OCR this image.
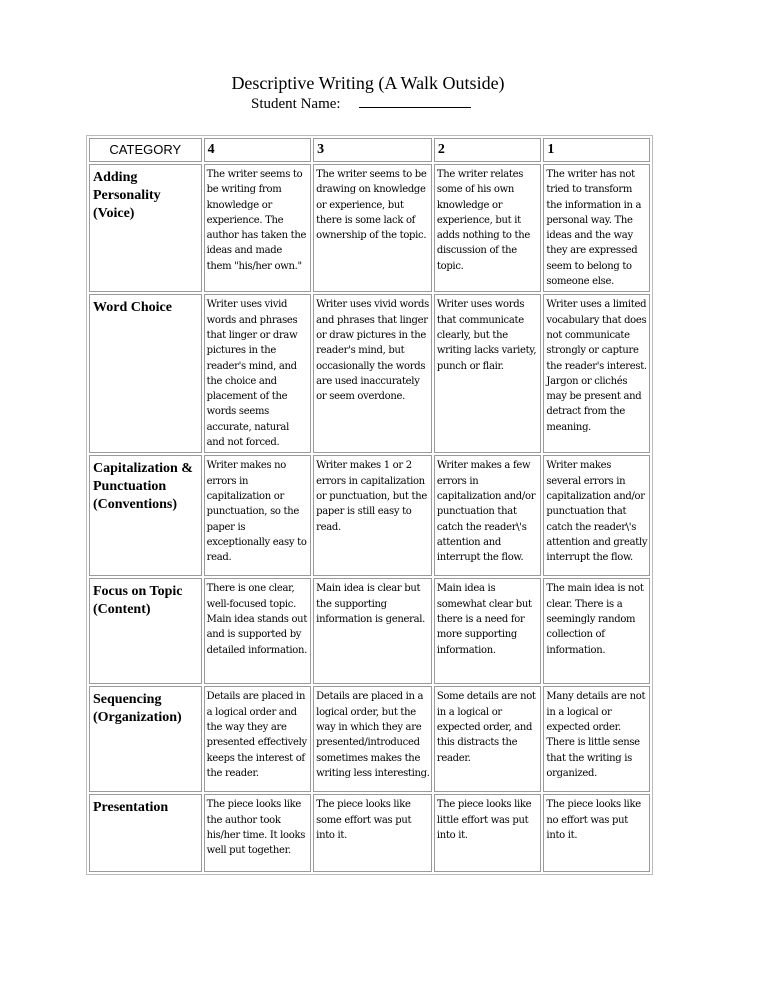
Descriptive Writing (A Walk Outside)
Student Name:
CATEGORY	4	3	2	1
Adding Personality (Voice)	The writer seems to be writing from knowledge or experience. The author has taken the ideas and made them "his/her own."	The writer seems to be drawing on knowledge or experience, but there is some lack of ownership of the topic.	The writer relates some of his own knowledge or experience, but it adds nothing to the discussion of the topic.	The writer has not tried to transform the information in a personal way. The ideas and the way they are expressed seem to belong to someone else.
Word Choice	Writer uses vivid words and phrases that linger or draw pictures in the reader's mind, and the choice and placement of the words seems accurate, natural and not forced.	Writer uses vivid words and phrases that linger or draw pictures in the reader's mind, but occasionally the words are used inaccurately or seem overdone.	Writer uses words that communicate clearly, but the writing lacks variety, punch or flair.	Writer uses a limited vocabulary that does not communicate strongly or capture the reader's interest. Jargon or clichés may be present and detract from the meaning.
Capitalization & Punctuation (Conventions)	Writer makes no errors in capitalization or punctuation, so the paper is exceptionally easy to read.	Writer makes 1 or 2 errors in capitalization or punctuation, but the paper is still easy to read.	Writer makes a few errors in capitalization and/or punctuation that catch the reader\'s attention and interrupt the flow.	Writer makes several errors in capitalization and/or punctuation that catch the reader\'s attention and greatly interrupt the flow.
Focus on Topic (Content)	There is one clear, well-focused topic. Main idea stands out and is supported by detailed information.	Main idea is clear but the supporting information is general.	Main idea is somewhat clear but there is a need for more supporting information.	The main idea is not clear. There is a seemingly random collection of information.
Sequencing (Organization)	Details are placed in a logical order and the way they are presented effectively keeps the interest of the reader.	Details are placed in a logical order, but the way in which they are presented/introduced sometimes makes the writing less interesting.	Some details are not in a logical or expected order, and this distracts the reader.	Many details are not in a logical or expected order. There is little sense that the writing is organized.
Presentation	The piece looks like the author took his/her time. It looks well put together.	The piece looks like some effort was put into it.	The piece looks like little effort was put into it.	The piece looks like no effort was put into it.
